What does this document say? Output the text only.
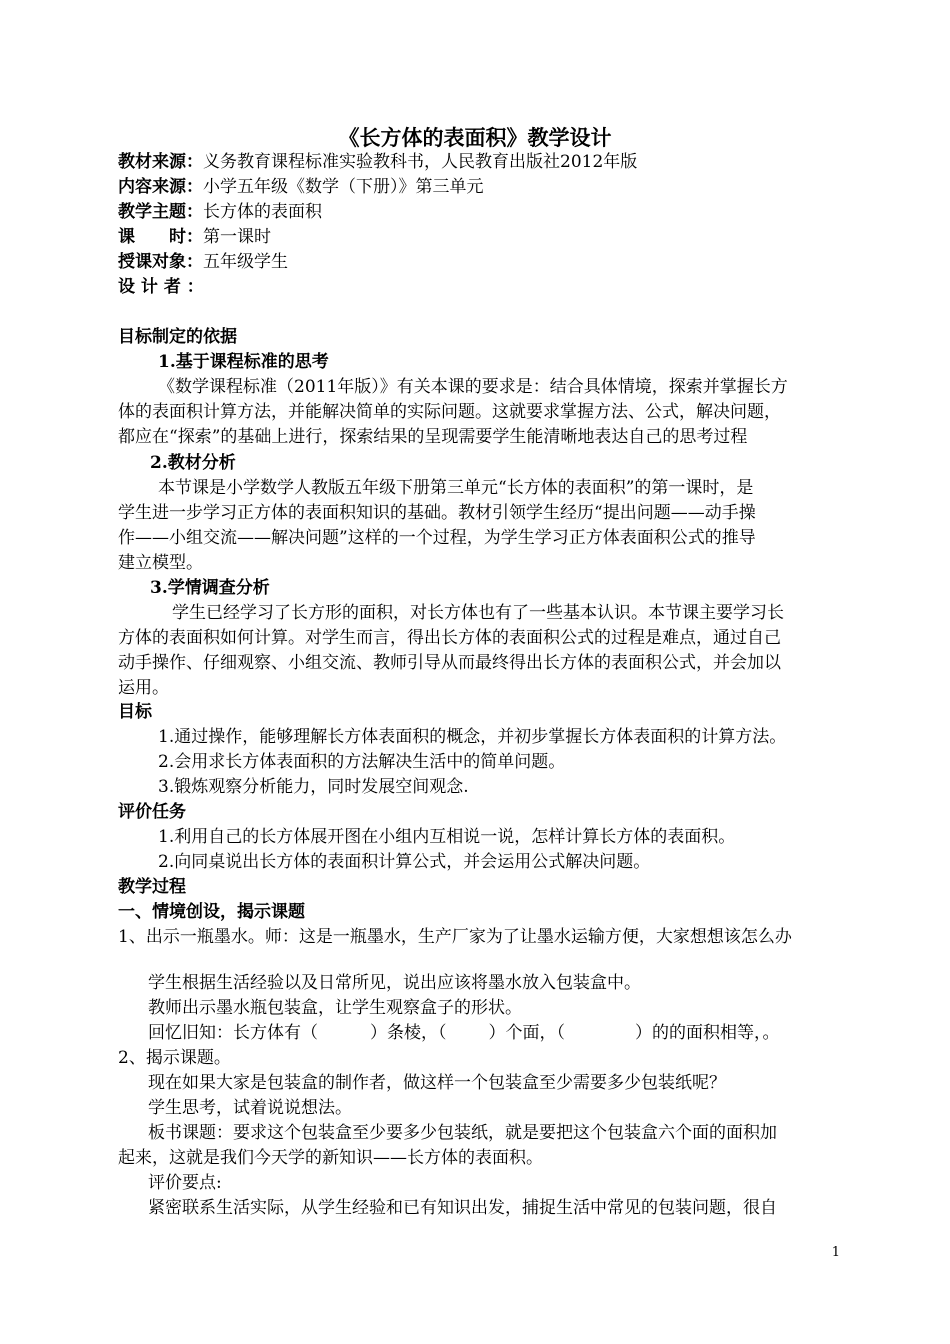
《长方体的表面积》教学设计
教材来源：义务教育课程标准实验教科书，人民教育出版社2012年版
内容来源：小学五年级《数学（下册）》第三单元
教学主题：长方体的表面积
课 时：第一课时
授课对象：五年级学生
设 计 者 ：
目标制定的依据
1.基于课程标准的思考
《数学课程标准（2011年版）》有关本课的要求是：结合具体情境，探索并掌握长方
体的表面积计算方法，并能解决简单的实际问题。这就要求掌握方法、公式，解决问题，
都应在“探索”的基础上进行，探索结果的呈现需要学生能清晰地表达自己的思考过程
2.教材分析
本节课是小学数学人教版五年级下册第三单元“长方体的表面积”的第一课时，是
学生进一步学习正方体的表面积知识的基础。教材引领学生经历“提出问题——动手操
作——小组交流——解决问题”这样的一个过程，为学生学习正方体表面积公式的推导
建立模型。
3.学情调查分析
学生已经学习了长方形的面积，对长方体也有了一些基本认识。本节课主要学习长
方体的表面积如何计算。对学生而言，得出长方体的表面积公式的过程是难点，通过自己
动手操作、仔细观察、小组交流、教师引导从而最终得出长方体的表面积公式，并会加以
运用。
目标
1.通过操作，能够理解长方体表面积的概念，并初步掌握长方体表面积的计算方法。
2.会用求长方体表面积的方法解决生活中的简单问题。
3.锻炼观察分析能力，同时发展空间观念.
评价任务
1.利用自己的长方体展开图在小组内互相说一说，怎样计算长方体的表面积。
2.向同桌说出长方体的表面积计算公式，并会运用公式解决问题。
教学过程
一、情境创设，揭示课题
1、出示一瓶墨水。师：这是一瓶墨水，生产厂家为了让墨水运输方便，大家想想该怎么办
学生根据生活经验以及日常所见，说出应该将墨水放入包装盒中。
教师出示墨水瓶包装盒，让学生观察盒子的形状。
回忆旧知：长方体有（	）条棱，（ ）个面，（	）的的面积相等，。
2、揭示课题。
现在如果大家是包装盒的制作者，做这样一个包装盒至少需要多少包装纸呢？
学生思考，试着说说想法。
板书课题：要求这个包装盒至少要多少包装纸，就是要把这个包装盒六个面的面积加
起来，这就是我们今天学的新知识——长方体的表面积。
评价要点:
紧密联系生活实际，从学生经验和已有知识出发，捕捉生活中常见的包装问题，很自
1
